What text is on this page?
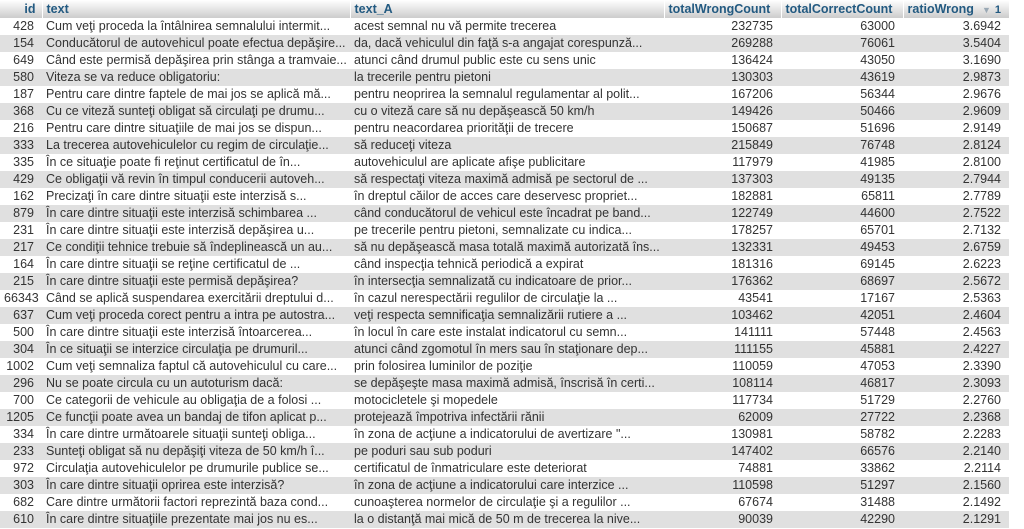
id	text	text_A	totalWrongCount	totalCorrectCount	ratioWrong ▼ 1
428	Cum veţi proceda la întâlnirea semnalului intermit...	acest semnal nu vă permite trecerea	232735	63000	3.6942
154	Conducătorul de autovehicul poate efectua depăşire...	da, dacă vehiculul din faţă s-a angajat corespunză...	269288	76061	3.5404
649	Când este permisă depăşirea prin stânga a tramvaie...	atunci când drumul public este cu sens unic	136424	43050	3.1690
580	Viteza se va reduce obligatoriu:	la trecerile pentru pietoni	130303	43619	2.9873
187	Pentru care dintre faptele de mai jos se aplică mă...	pentru neoprirea la semnalul regulamentar al polit...	167206	56344	2.9676
368	Cu ce viteză sunteţi obligat să circulaţi pe drumu...	cu o viteză care să nu depăşească 50 km/h	149426	50466	2.9609
216	Pentru care dintre situaţiile de mai jos se dispun...	pentru neacordarea priorităţii de trecere	150687	51696	2.9149
333	La trecerea autovehiculelor cu regim de circulaţie...	să reduceţi viteza	215849	76748	2.8124
335	În ce situaţie poate fi reţinut certificatul de în...	autovehiculul are aplicate afişe publicitare	117979	41985	2.8100
429	Ce obligaţii vă revin în timpul conducerii autoveh...	să respectaţi viteza maximă admisă pe sectorul de ...	137303	49135	2.7944
162	Precizaţi în care dintre situaţii este interzisă s...	în dreptul căilor de acces care deservesc propriet...	182881	65811	2.7789
879	În care dintre situaţii este interzisă schimbarea ...	când conducătorul de vehicul este încadrat pe band...	122749	44600	2.7522
231	În care dintre situaţii este interzisă depăşirea u...	pe trecerile pentru pietoni, semnalizate cu indica...	178257	65701	2.7132
217	Ce condiţii tehnice trebuie să îndeplinească un au...	să nu depăşească masa totală maximă autorizată îns...	132331	49453	2.6759
164	În care dintre situaţii se reţine certificatul de ...	când inspecţia tehnică periodică a expirat	181316	69145	2.6223
215	În care dintre situaţii este permisă depăşirea?	în intersecţia semnalizată cu indicatoare de prior...	176362	68697	2.5672
66343	Când se aplică suspendarea exercitării dreptului d...	în cazul nerespectării regulilor de circulaţie la ...	43541	17167	2.5363
637	Cum veţi proceda corect pentru a intra pe autostra...	veţi respecta semnificaţia semnalizării rutiere a ...	103462	42051	2.4604
500	În care dintre situaţii este interzisă întoarcerea...	în locul în care este instalat indicatorul cu semn...	141111	57448	2.4563
304	În ce situaţii se interzice circulaţia pe drumuril...	atunci când zgomotul în mers sau în staţionare dep...	111155	45881	2.4227
1002	Cum veţi semnaliza faptul că autovehiculul cu care...	prin folosirea luminilor de poziţie	110059	47053	2.3390
296	Nu se poate circula cu un autoturism dacă:	se depăşeşte masa maximă admisă, înscrisă în certi...	108114	46817	2.3093
700	Ce categorii de vehicule au obligaţia de a folosi ...	motocicletele şi mopedele	117734	51729	2.2760
1205	Ce funcţii poate avea un bandaj de tifon aplicat p...	protejează împotriva infectării rănii	62009	27722	2.2368
334	În care dintre următoarele situaţii sunteţi obliga...	în zona de acţiune a indicatorului de avertizare "...	130981	58782	2.2283
233	Sunteţi obligat să nu depăşiţi viteza de 50 km/h î...	pe poduri sau sub poduri	147402	66576	2.2140
972	Circulaţia autovehiculelor pe drumurile publice se...	certificatul de înmatriculare este deteriorat	74881	33862	2.2114
303	În care dintre situaţii oprirea este interzisă?	în zona de acţiune a indicatorului care interzice ...	110598	51297	2.1560
682	Care dintre următorii factori reprezintă baza cond...	cunoaşterea normelor de circulaţie şi a regulilor ...	67674	31488	2.1492
610	În care dintre situaţiile prezentate mai jos nu es...	la o distanţă mai mică de 50 m de trecerea la nive...	90039	42290	2.1291
